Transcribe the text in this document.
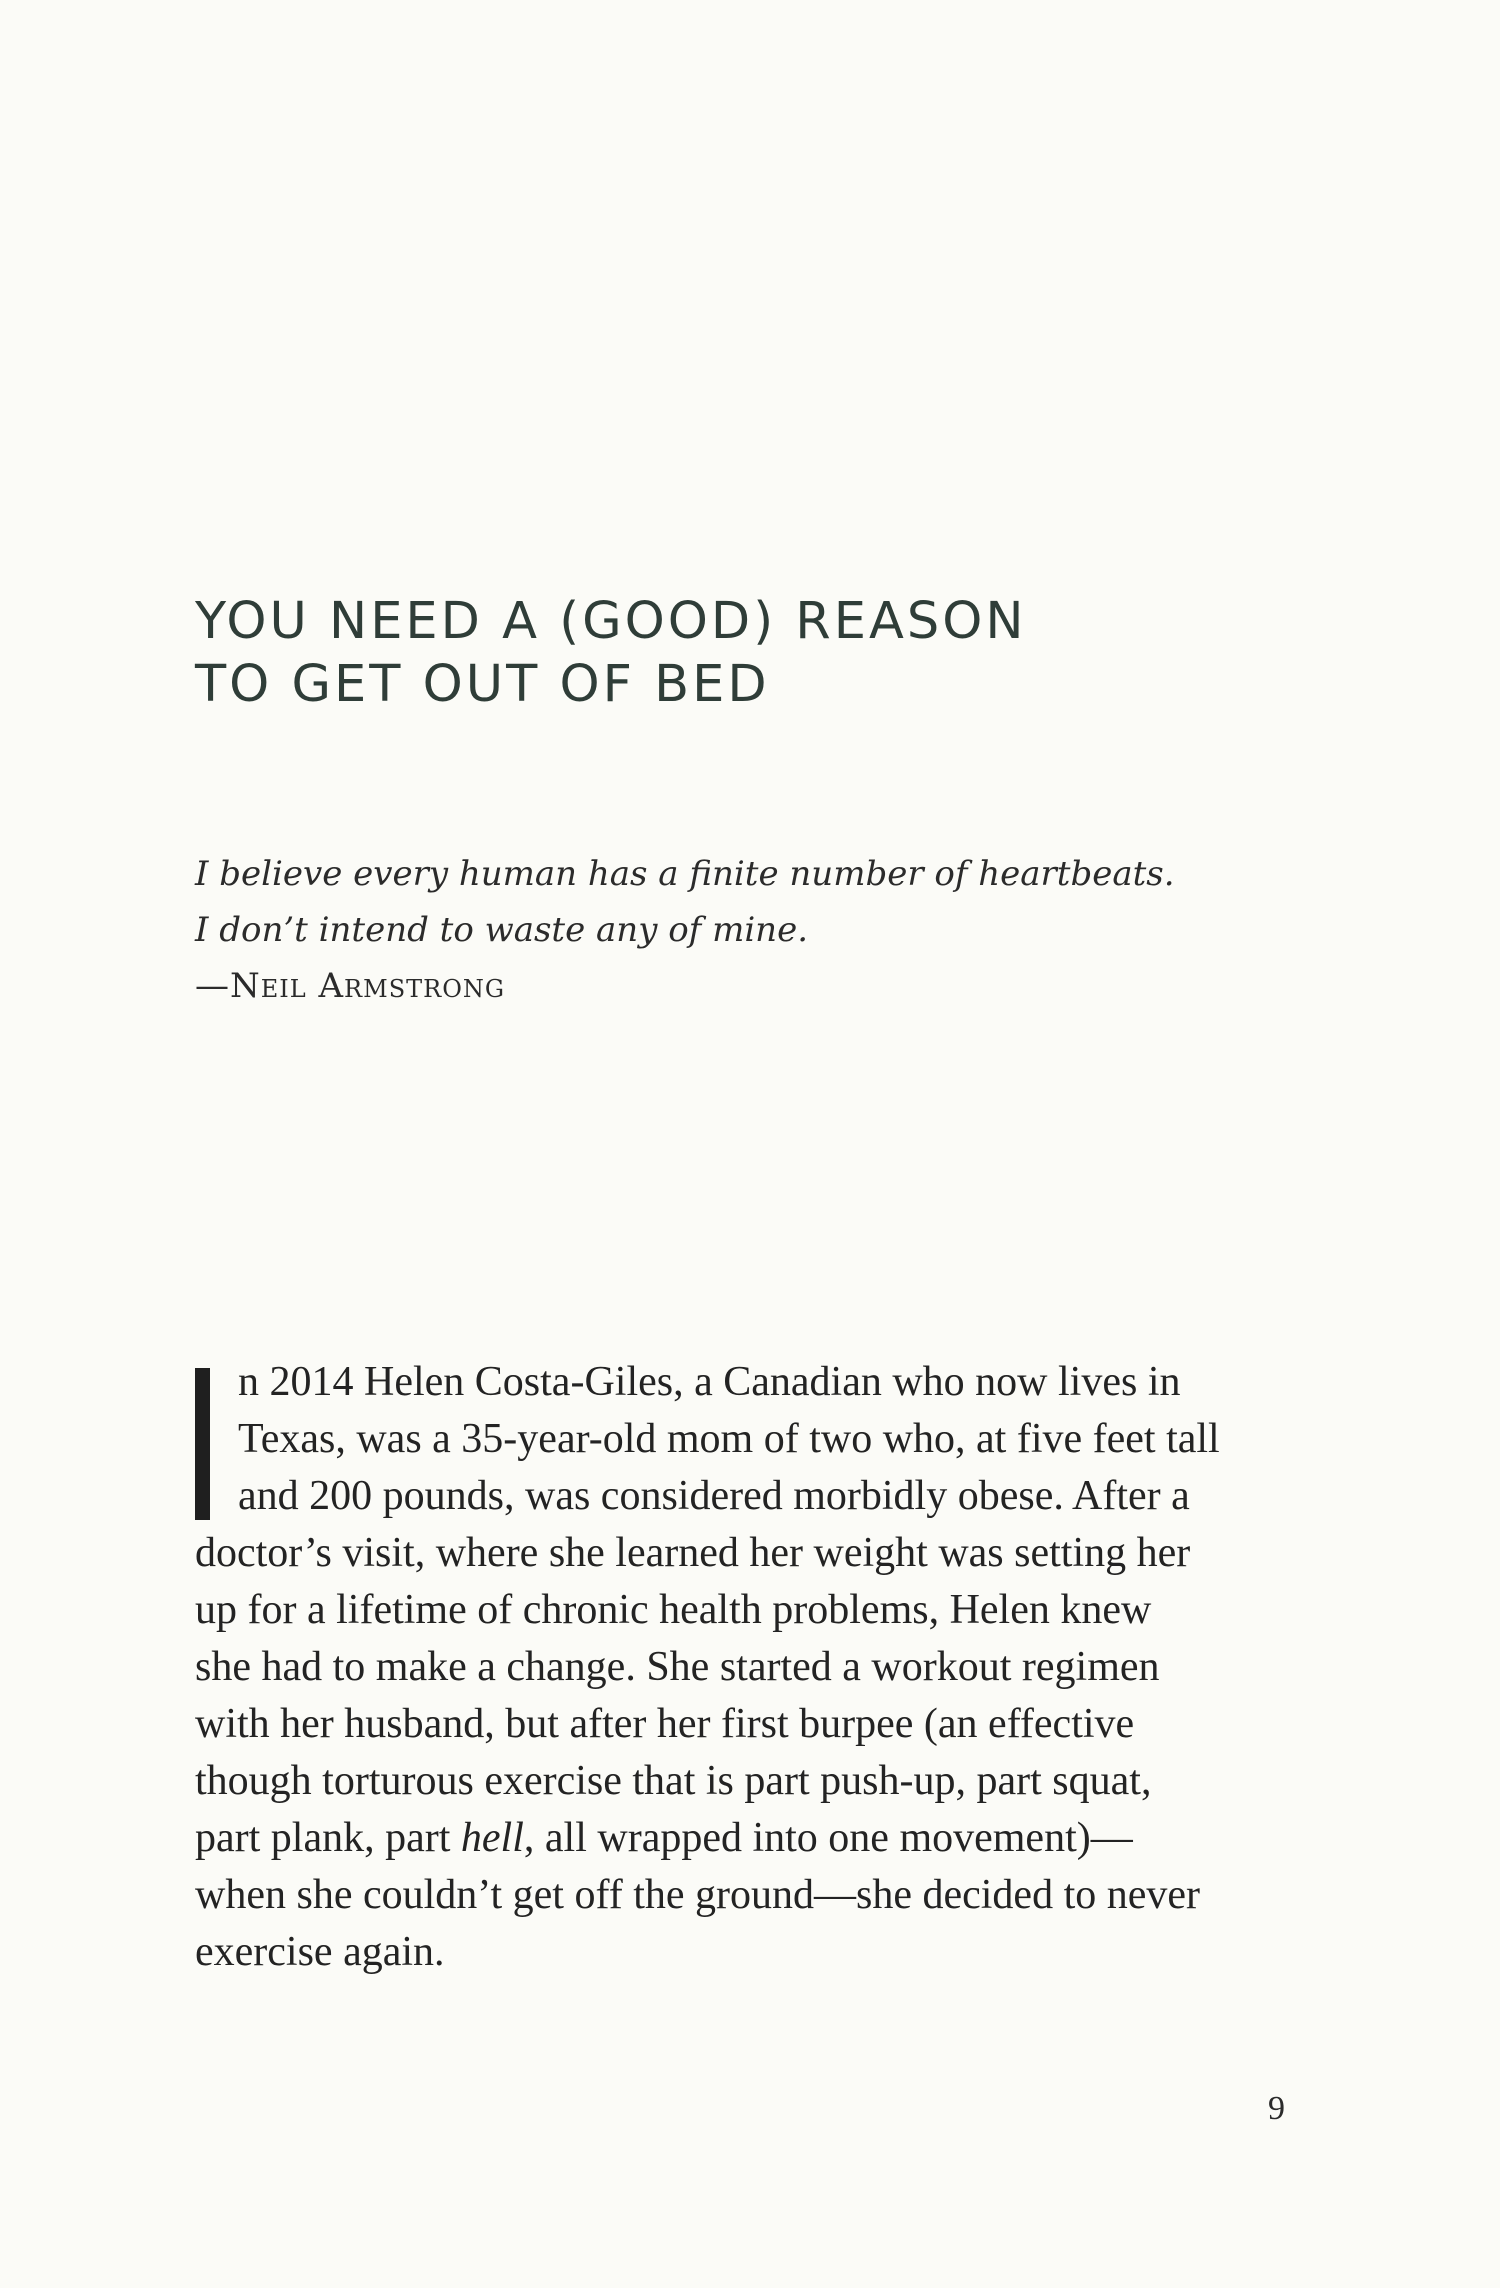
YOU NEED A (GOOD) REASON
TO GET OUT OF BED
I believe every human has a finite number of heartbeats.
I don’t intend to waste any of mine.
—Neil Armstrong
n 2014 Helen Costa-Giles, a Canadian who now lives in
Texas, was a 35-year-old mom of two who, at five feet tall
and 200 pounds, was considered morbidly obese. After a
doctor’s visit, where she learned her weight was setting her
up for a lifetime of chronic health problems, Helen knew
she had to make a change. She started a workout regimen
with her husband, but after her first burpee (an effective
though torturous exercise that is part push-up, part squat,
part plank, part hell, all wrapped into one movement)—
when she couldn’t get off the ground—she decided to never
exercise again.
9
